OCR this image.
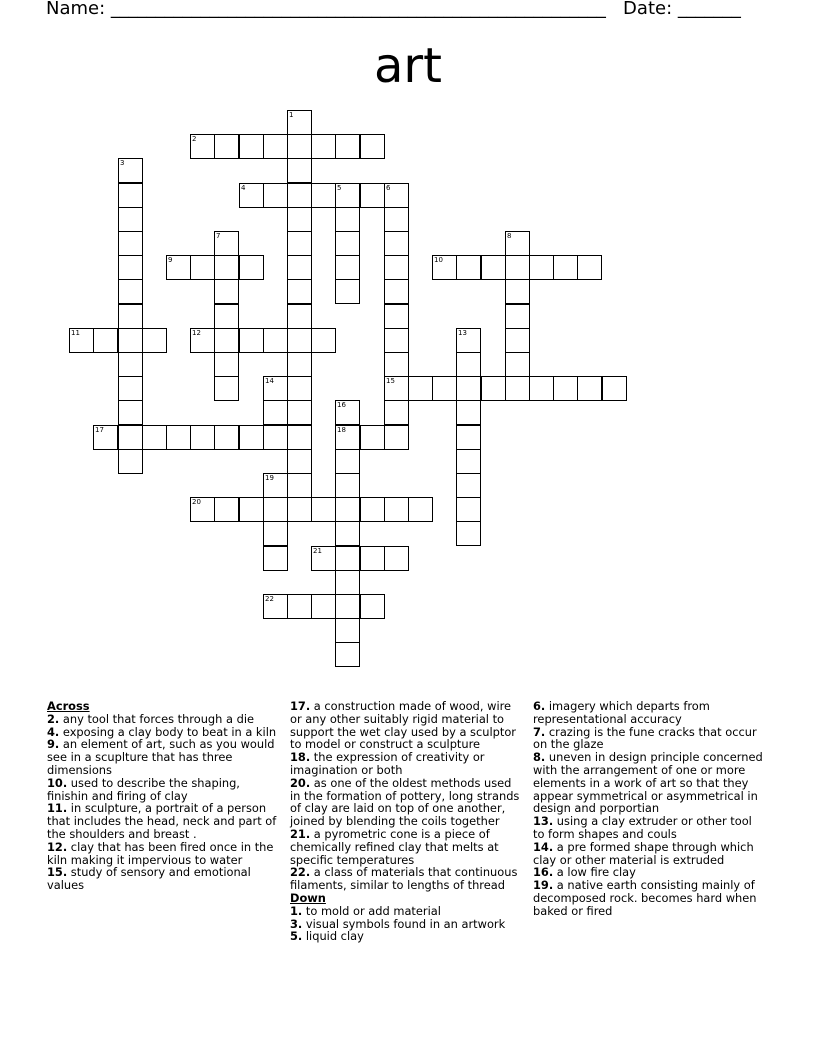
Name: _______________________________________________________   Date: _______
art
1
2
3
4	5	6
15
7	8
9	10
11	12	13
14
16
18
17
19
20
21
22

Across

2. any tool that forces through a die

4. exposing a clay body to beat in a kiln

9. an element of art, such as you would see in a scuplture that has three dimensions

10. used to describe the shaping, finishin and firing of clay

11. in sculpture, a portrait of a person that includes the head, neck and part of the shoulders and breast .

12. clay that has been fired once in the kiln making it impervious to water

15. study of sensory and emotional values

17. a construction made of wood, wire or any other suitably rigid material to support the wet clay used by a sculptor to model or construct a sculpture

18. the expression of creativity or imagination or both

20. as one of the oldest methods used in the formation of pottery, long strands of clay are laid on top of one another, joined by blending the coils together

21. a pyrometric cone is a piece of chemically refined clay that melts at specific temperatures

22. a class of materials that continuous filaments, similar to lengths of thread

Down

1. to mold or add material

3. visual symbols found in an artwork

5. liquid clay

6. imagery which departs from representational accuracy

7. crazing is the fune cracks that occur on the glaze

8. uneven in design principle concerned with the arrangement of one or more elements in a work of art so that they appear symmetrical or asymmetrical in design and porportian

13. using a clay extruder or other tool to form shapes and couls

14. a pre formed shape through which clay or other material is extruded

16. a low fire clay

19. a native earth consisting mainly of decomposed rock. becomes hard when baked or fired
